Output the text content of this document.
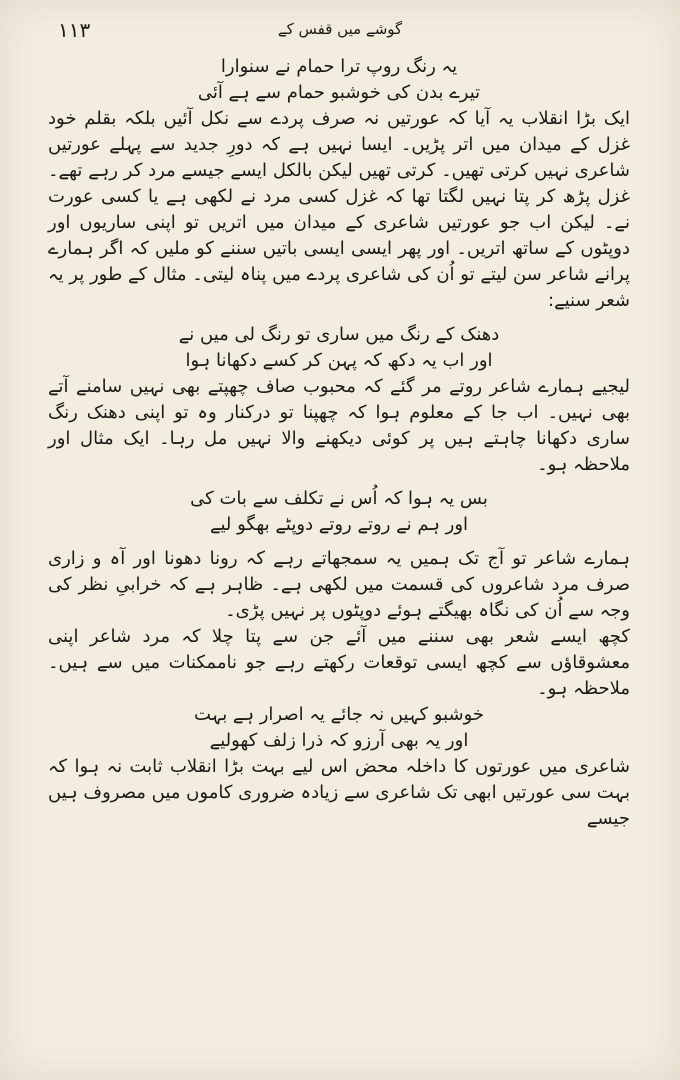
۱۱۳	گوشے میں قفس کے
یہ رنگ روپ ترا حمام نے سنوارا
تیرے بدن کی خوشبو حمام سے ہے آئی

ایک بڑا انقلاب یہ آیا کہ عورتیں نہ صرف پردے سے نکل آئیں بلکہ بقلم خود غزل کے میدان میں اتر پڑیں۔ ایسا نہیں ہے کہ دورِ جدید سے پہلے عورتیں شاعری نہیں کرتی تھیں۔ کرتی تھیں لیکن بالکل ایسے جیسے مرد کر رہے تھے۔ غزل پڑھ کر پتا نہیں لگتا تھا کہ غزل کسی مرد نے لکھی ہے یا کسی عورت نے۔ لیکن اب جو عورتیں شاعری کے میدان میں اتریں تو اپنی ساریوں اور دوپٹوں کے ساتھ اتریں۔ اور پھر ایسی ایسی باتیں سننے کو ملیں کہ اگر ہمارے پرانے شاعر سن لیتے تو اُن کی شاعری پردے میں پناہ لیتی۔ مثال کے طور پر یہ شعر سنیے:

دھنک کے رنگ میں ساری تو رنگ لی میں نے
اور اب یہ دکھ کہ پہن کر کسے دکھانا ہوا

لیجیے ہمارے شاعر روتے مر گئے کہ محبوب صاف چھپتے بھی نہیں سامنے آتے بھی نہیں۔ اب جا کے معلوم ہوا کہ چھپنا تو درکنار وہ تو اپنی دھنک رنگ ساری دکھانا چاہتے ہیں پر کوئی دیکھنے والا نہیں مل رہا۔ ایک مثال اور ملاحظہ ہو۔

بس یہ ہوا کہ اُس نے تکلف سے بات کی
اور ہم نے روتے روتے دوپٹے بھگو لیے

ہمارے شاعر تو آج تک ہمیں یہ سمجھاتے رہے کہ رونا دھونا اور آہ و زاری صرف مرد شاعروں کی قسمت میں لکھی ہے۔ ظاہر ہے کہ خرابیِ نظر کی وجہ سے اُن کی نگاہ بھیگتے ہوئے دوپٹوں پر نہیں پڑی۔

کچھ ایسے شعر بھی سننے میں آئے جن سے پتا چلا کہ مرد شاعر اپنی معشوقاؤں سے کچھ ایسی توقعات رکھتے رہے جو ناممکنات میں سے ہیں۔ ملاحظہ ہو۔

خوشبو کہیں نہ جائے یہ اصرار ہے بہت
اور یہ بھی آرزو کہ ذرا زلف کھولیے

شاعری میں عورتوں کا داخلہ محض اس لیے بہت بڑا انقلاب ثابت نہ ہوا کہ بہت سی عورتیں ابھی تک شاعری سے زیادہ ضروری کاموں میں مصروف ہیں جیسے
